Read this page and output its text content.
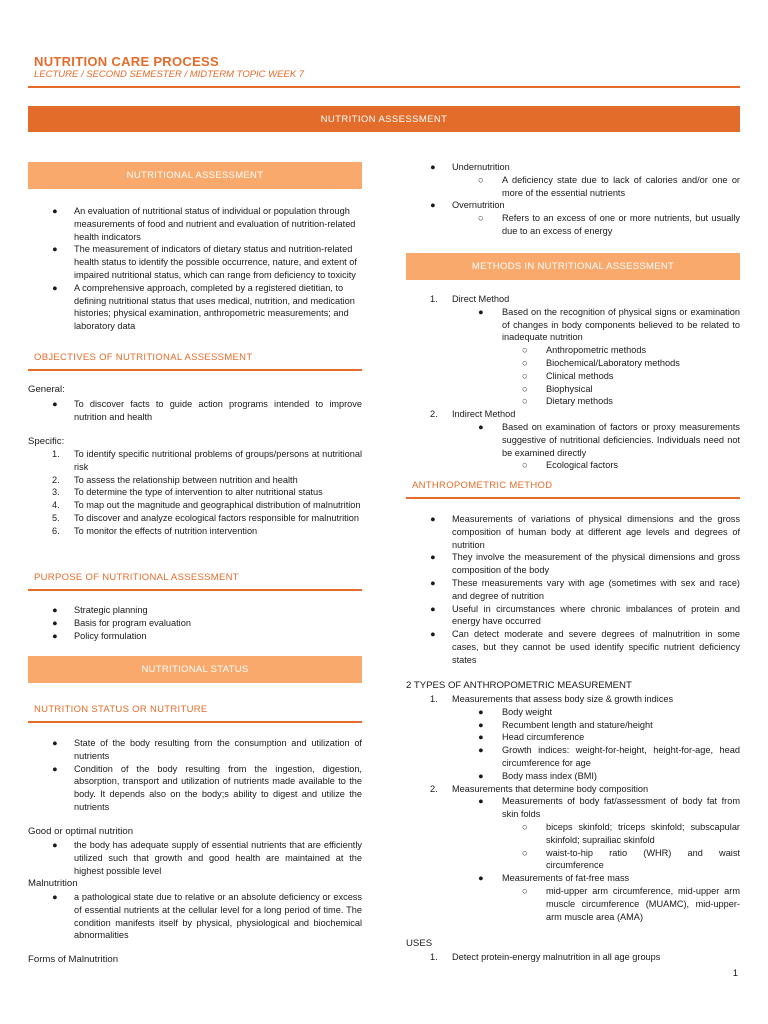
NUTRITION CARE PROCESS
LECTURE / SECOND SEMESTER / MIDTERM TOPIC WEEK 7
NUTRITION ASSESSMENT
NUTRITIONAL ASSESSMENT
● An evaluation of nutritional status of individual or population through measurements of food and nutrient and evaluation of nutrition-related health indicators
● The measurement of indicators of dietary status and nutrition-related health status to identify the possible occurrence, nature, and extent of impaired nutritional status, which can range from deficiency to toxicity
● A comprehensive approach, completed by a registered dietitian, to defining nutritional status that uses medical, nutrition, and medication histories; physical examination, anthropometric measurements; and laboratory data
OBJECTIVES OF NUTRITIONAL ASSESSMENT
General:
● To discover facts to guide action programs intended to improve nutrition and health
Specific:
1. To identify specific nutritional problems of groups/persons at nutritional risk
2. To assess the relationship between nutrition and health
3. To determine the type of intervention to alter nutritional status
4. To map out the magnitude and geographical distribution of malnutrition
5. To discover and analyze ecological factors responsible for malnutrition
6. To monitor the effects of nutrition intervention
PURPOSE OF NUTRITIONAL ASSESSMENT
● Strategic planning
● Basis for program evaluation
● Policy formulation
NUTRITIONAL STATUS
NUTRITION STATUS OR NUTRITURE
● State of the body resulting from the consumption and utilization of nutrients
● Condition of the body resulting from the ingestion, digestion, absorption, transport and utilization of nutrients made available to the body. It depends also on the body;s ability to digest and utilize the nutrients
Good or optimal nutrition
● the body has adequate supply of essential nutrients that are efficiently utilized such that growth and good health are maintained at the highest possible level
Malnutrition
● a pathological state due to relative or an absolute deficiency or excess of essential nutrients at the cellular level for a long period of time. The condition manifests itself by physical, physiological and biochemical abnormalities
Forms of Malnutrition
● Undernutrition
○ A deficiency state due to lack of calories and/or one or more of the essential nutrients
● Overnutrition
○ Refers to an excess of one or more nutrients, but usually due to an excess of energy
METHODS IN NUTRITIONAL ASSESSMENT
1. Direct Method
● Based on the recognition of physical signs or examination of changes in body components believed to be related to inadequate nutrition
○ Anthropometric methods
○ Biochemical/Laboratory methods
○ Clinical methods
○ Biophysical
○ Dietary methods
2. Indirect Method
● Based on examination of factors or proxy measurements suggestive of nutritional deficiencies. Individuals need not be examined directly
○ Ecological factors
ANTHROPOMETRIC METHOD
● Measurements of variations of physical dimensions and the gross composition of human body at different age levels and degrees of nutrition
● They involve the measurement of the physical dimensions and gross composition of the body
● These measurements vary with age (sometimes with sex and race) and degree of nutrition
● Useful in circumstances where chronic imbalances of protein and energy have occurred
● Can detect moderate and severe degrees of malnutrition in some cases, but they cannot be used identify specific nutrient deficiency states
2 TYPES OF ANTHROPOMETRIC MEASUREMENT
1. Measurements that assess body size & growth indices
● Body weight
● Recumbent length and stature/height
● Head circumference
● Growth indices: weight-for-height, height-for-age, head circumference for age
● Body mass index (BMI)
2. Measurements that determine body composition
● Measurements of body fat/assessment of body fat from skin folds
○ biceps skinfold; triceps skinfold; subscapular skinfold; suprailiac skinfold
○ waist-to-hip ratio (WHR) and waist circumference
● Measurements of fat-free mass
○ mid-upper arm circumference, mid-upper arm muscle circumference (MUAMC), mid-upper-arm muscle area (AMA)
USES
1. Detect protein-energy malnutrition in all age groups
1
